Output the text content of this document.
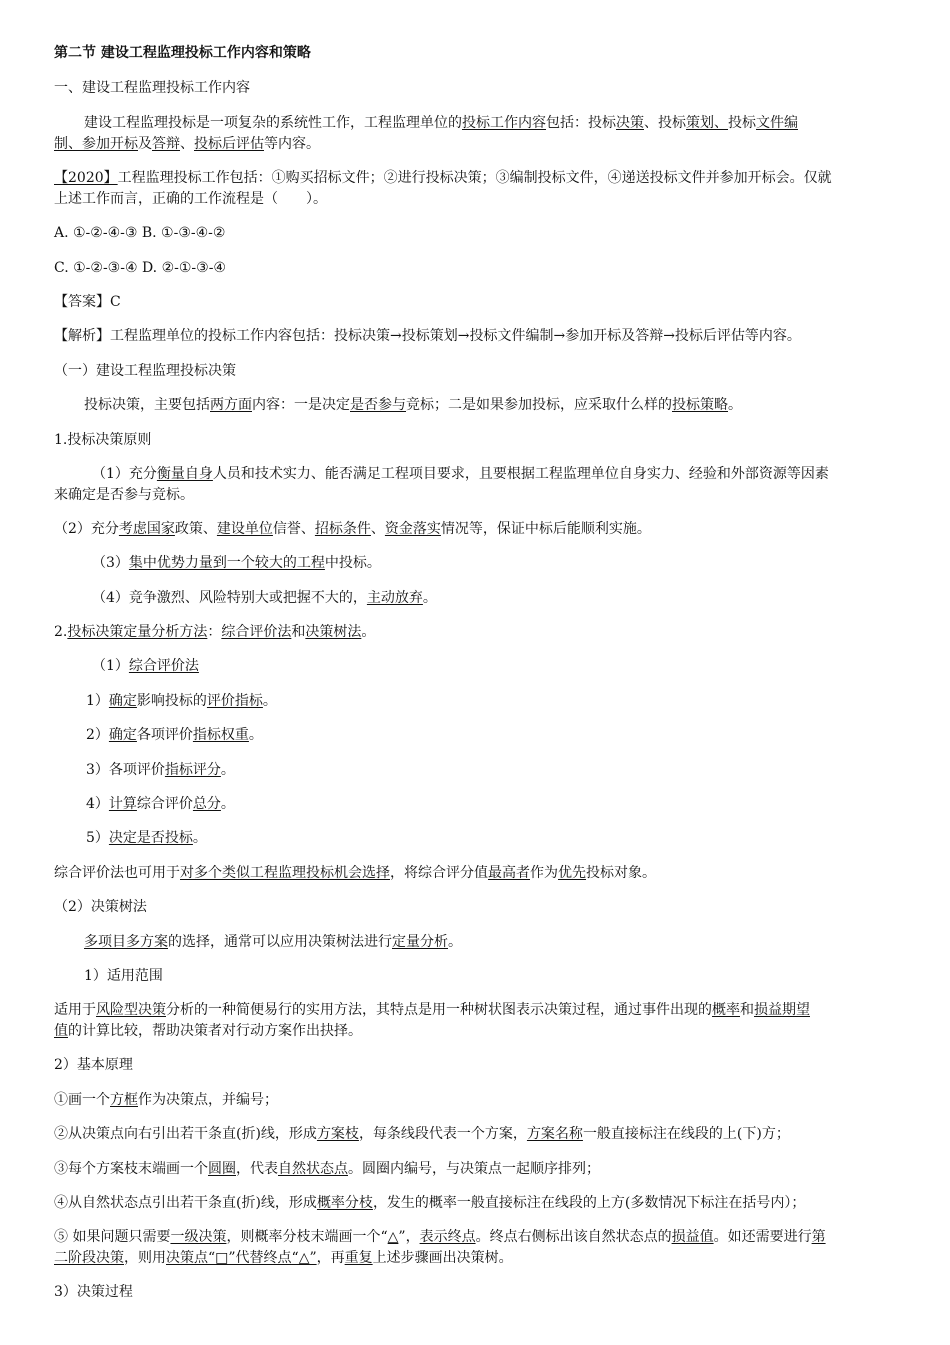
第二节 建设工程监理投标工作内容和策略
一、建设工程监理投标工作内容
建设工程监理投标是一项复杂的系统性工作，工程监理单位的投标工作内容包括：投标决策、投标策划、投标文件编
制、参加开标及答辩、投标后评估等内容。
【2020】工程监理投标工作包括：①购买招标文件；②进行投标决策；③编制投标文件，④递送投标文件并参加开标会。仅就
上述工作而言，正确的工作流程是（　　）。
A. ①-②-④-③ B. ①-③-④-②
C. ①-②-③-④ D. ②-①-③-④
【答案】C
【解析】工程监理单位的投标工作内容包括：投标决策→投标策划→投标文件编制→参加开标及答辩→投标后评估等内容。
（一）建设工程监理投标决策
投标决策，主要包括两方面内容：一是决定是否参与竞标；二是如果参加投标，应采取什么样的投标策略。
1.投标决策原则
（1）充分衡量自身人员和技术实力、能否满足工程项目要求，且要根据工程监理单位自身实力、经验和外部资源等因素
来确定是否参与竞标。
（2）充分考虑国家政策、建设单位信誉、招标条件、资金落实情况等，保证中标后能顺利实施。
（3）集中优势力量到一个较大的工程中投标。
（4）竞争激烈、风险特别大或把握不大的，主动放弃。
2.投标决策定量分析方法：综合评价法和决策树法。
（1）综合评价法
1）确定影响投标的评价指标。
2）确定各项评价指标权重。
3）各项评价指标评分。
4）计算综合评价总分。
5）决定是否投标。
综合评价法也可用于对多个类似工程监理投标机会选择，将综合评分值最高者作为优先投标对象。
（2）决策树法
多项目多方案的选择，通常可以应用决策树法进行定量分析。
1）适用范围
适用于风险型决策分析的一种简便易行的实用方法，其特点是用一种树状图表示决策过程，通过事件出现的概率和损益期望
值的计算比较，帮助决策者对行动方案作出抉择。
2）基本原理
①画一个方框作为决策点，并编号；
②从决策点向右引出若干条直(折)线，形成方案枝，每条线段代表一个方案，方案名称一般直接标注在线段的上(下)方；
③每个方案枝末端画一个圆圈，代表自然状态点。圆圈内编号，与决策点一起顺序排列；
④从自然状态点引出若干条直(折)线，形成概率分枝，发生的概率一般直接标注在线段的上方(多数情况下标注在括号内）；
⑤ 如果问题只需要一级决策，则概率分枝末端画一个“△”，表示终点。终点右侧标出该自然状态点的损益值。如还需要进行第
二阶段决策，则用决策点“□”代替终点“△”，再重复上述步骤画出决策树。
3）决策过程
